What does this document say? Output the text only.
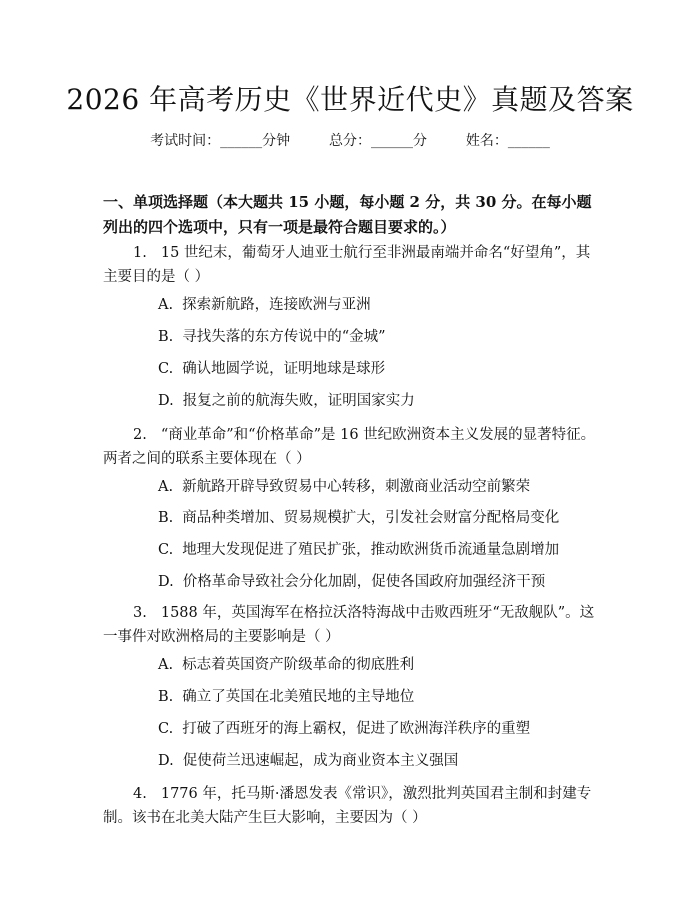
2026 年高考历史《世界近代史》真题及答案
考试时间：______分钟	总分：______分	姓名：______
一、单项选择题（本大题共 15 小题，每小题 2 分，共 30 分。在每小题列出的四个选项中，只有一项是最符合题目要求的。）
1. 15 世纪末，葡萄牙人迪亚士航行至非洲最南端并命名“好望角”，其主要目的是（ ）
A. 探索新航路，连接欧洲与亚洲
B. 寻找失落的东方传说中的“金城”
C. 确认地圆学说，证明地球是球形
D. 报复之前的航海失败，证明国家实力
2. “商业革命”和“价格革命”是 16 世纪欧洲资本主义发展的显著特征。两者之间的联系主要体现在（ ）
A. 新航路开辟导致贸易中心转移，刺激商业活动空前繁荣
B. 商品种类增加、贸易规模扩大，引发社会财富分配格局变化
C. 地理大发现促进了殖民扩张，推动欧洲货币流通量急剧增加
D. 价格革命导致社会分化加剧，促使各国政府加强经济干预
3. 1588 年，英国海军在格拉沃洛特海战中击败西班牙“无敌舰队”。这一事件对欧洲格局的主要影响是（ ）
A. 标志着英国资产阶级革命的彻底胜利
B. 确立了英国在北美殖民地的主导地位
C. 打破了西班牙的海上霸权，促进了欧洲海洋秩序的重塑
D. 促使荷兰迅速崛起，成为商业资本主义强国
4. 1776 年，托马斯·潘恩发表《常识》，激烈批判英国君主制和封建专制。该书在北美大陆产生巨大影响，主要因为（ ）
